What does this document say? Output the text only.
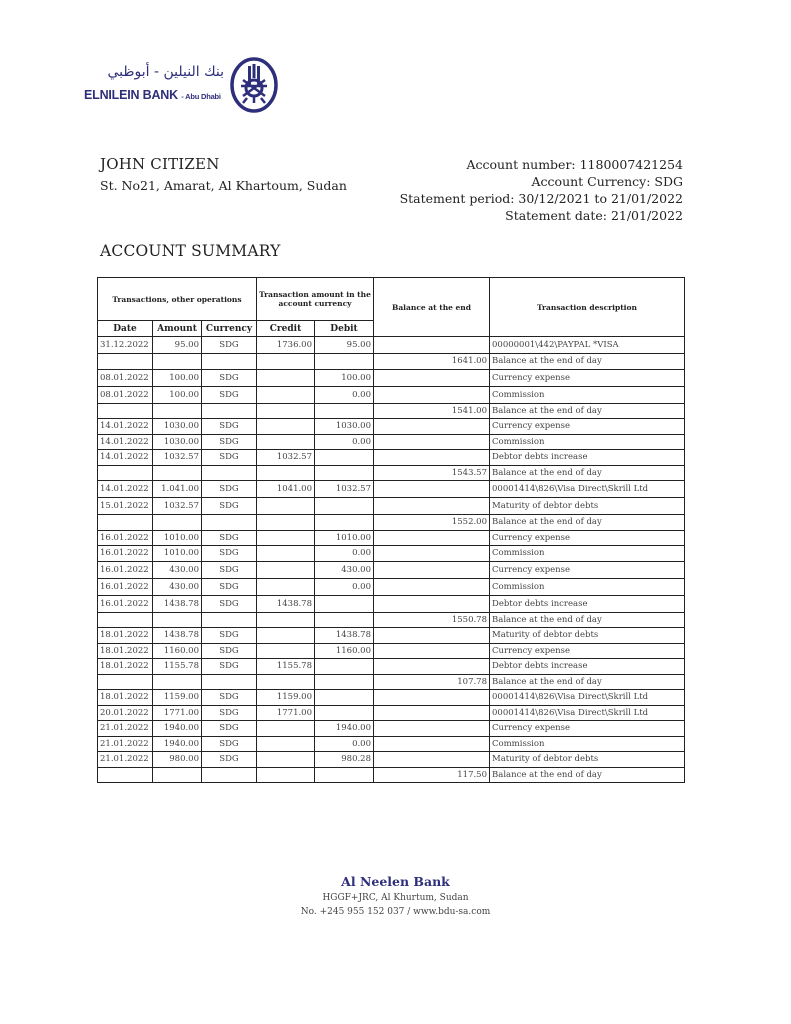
بنك النيلين - أبوظبي
ELNILEIN BANK - Abu Dhabi
JOHN CITIZEN
St. No21, Amarat, Al Khartoum, Sudan
Account number: 1180007421254
Account Currency: SDG
Statement period: 30/12/2021 to 21/01/2022
Statement date: 21/01/2022
ACCOUNT SUMMARY
Transactions, other operations			Transaction amount in the account currency		Balance at the end	Transaction description
Date	Amount	Currency	Credit	Debit		
31.12.2022	95.00	SDG	1736.00	95.00		00000001\442\PAYPAL *VISA
					1641.00	Balance at the end of day
08.01.2022	100.00	SDG		100.00		Currency expense
08.01.2022	100.00	SDG		0.00		Commission
					1541.00	Balance at the end of day
14.01.2022	1030.00	SDG		1030.00		Currency expense
14.01.2022	1030.00	SDG		0.00		Commission
14.01.2022	1032.57	SDG	1032.57			Debtor debts increase
					1543.57	Balance at the end of day
14.01.2022	1.041.00	SDG	1041.00	1032.57		00001414\826\Visa Direct\Skrill Ltd
15.01.2022	1032.57	SDG				Maturity of debtor debts
					1552.00	Balance at the end of day
16.01.2022	1010.00	SDG		1010.00		Currency expense
16.01.2022	1010.00	SDG		0.00		Commission
16.01.2022	430.00	SDG		430.00		Currency expense
16.01.2022	430.00	SDG		0.00		Commission
16.01.2022	1438.78	SDG	1438.78			Debtor debts increase
					1550.78	Balance at the end of day
18.01.2022	1438.78	SDG		1438.78		Maturity of debtor debts
18.01.2022	1160.00	SDG		1160.00		Currency expense
18.01.2022	1155.78	SDG	1155.78			Debtor debts increase
					107.78	Balance at the end of day
18.01.2022	1159.00	SDG	1159.00			00001414\826\Visa Direct\Skrill Ltd
20.01.2022	1771.00	SDG	1771.00			00001414\826\Visa Direct\Skrill Ltd
21.01.2022	1940.00	SDG		1940.00		Currency expense
21.01.2022	1940.00	SDG		0.00		Commission
21.01.2022	980.00	SDG		980.28		Maturity of debtor debts
					117.50	Balance at the end of day
Al Neelen Bank
HGGF+JRC, Al Khurtum, Sudan
No. +245 955 152 037 / www.bdu-sa.com
